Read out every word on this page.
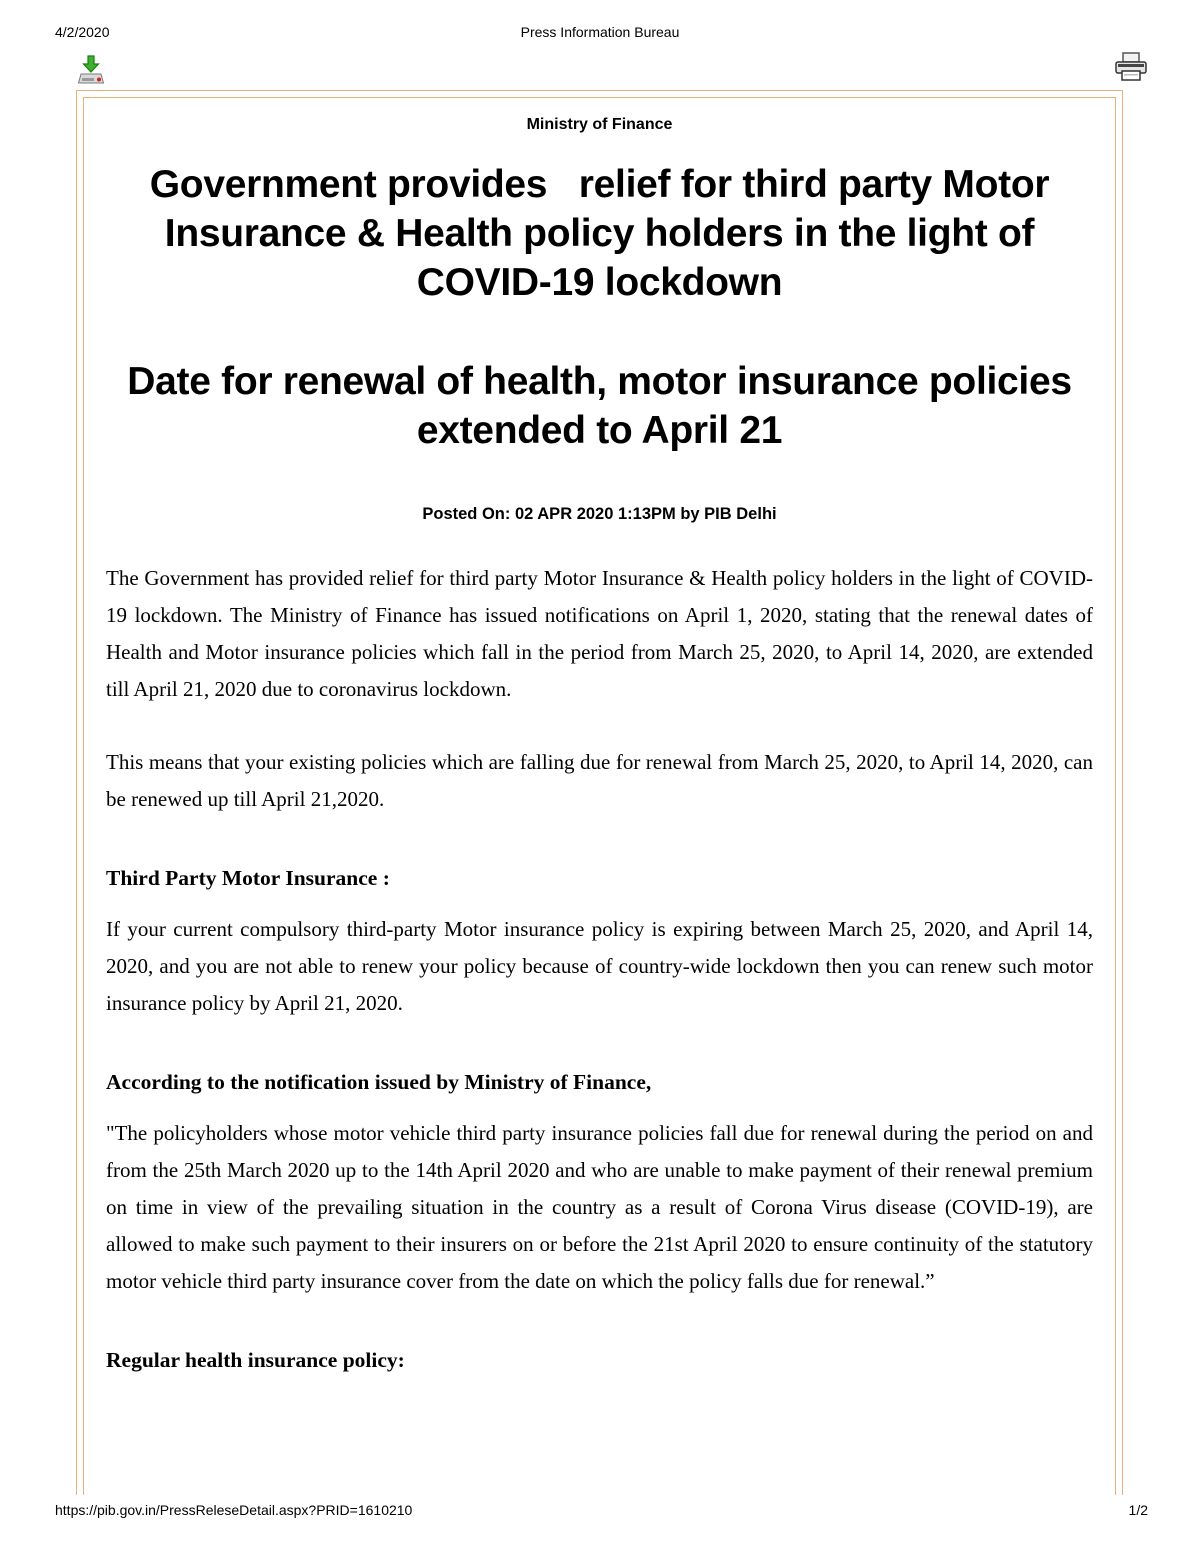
4/2/2020	Press Information Bureau
Ministry of Finance
Government provides   relief for third party Motor Insurance & Health policy holders in the light of COVID-19 lockdown
Date for renewal of health, motor insurance policies extended to April 21
Posted On: 02 APR 2020 1:13PM by PIB Delhi

The Government has provided relief for third party Motor Insurance & Health policy holders in the light of COVID-19 lockdown. The Ministry of Finance has issued notifications on April 1, 2020, stating that the renewal dates of Health and Motor insurance policies which fall in the period from March 25, 2020, to April 14, 2020, are extended till April 21, 2020 due to coronavirus lockdown.

This means that your existing policies which are falling due for renewal from March 25, 2020, to April 14, 2020, can be renewed up till April 21,2020.

Third Party Motor Insurance :

If your current compulsory third-party Motor insurance policy is expiring between March 25, 2020, and April 14, 2020, and you are not able to renew your policy because of country-wide lockdown then you can renew such motor insurance policy by April 21, 2020.

According to the notification issued by Ministry of Finance,

"The policyholders whose motor vehicle third party insurance policies fall due for renewal during the period on and from the 25th March 2020 up to the 14th April 2020 and who are unable to make payment of their renewal premium on time in view of the prevailing situation in the country as a result of Corona Virus disease (COVID-19), are allowed to make such payment to their insurers on or before the 21st April 2020 to ensure continuity of the statutory motor vehicle third party insurance cover from the date on which the policy falls due for renewal.”

Regular health insurance policy:
https://pib.gov.in/PressReleseDetail.aspx?PRID=1610210	1/2
